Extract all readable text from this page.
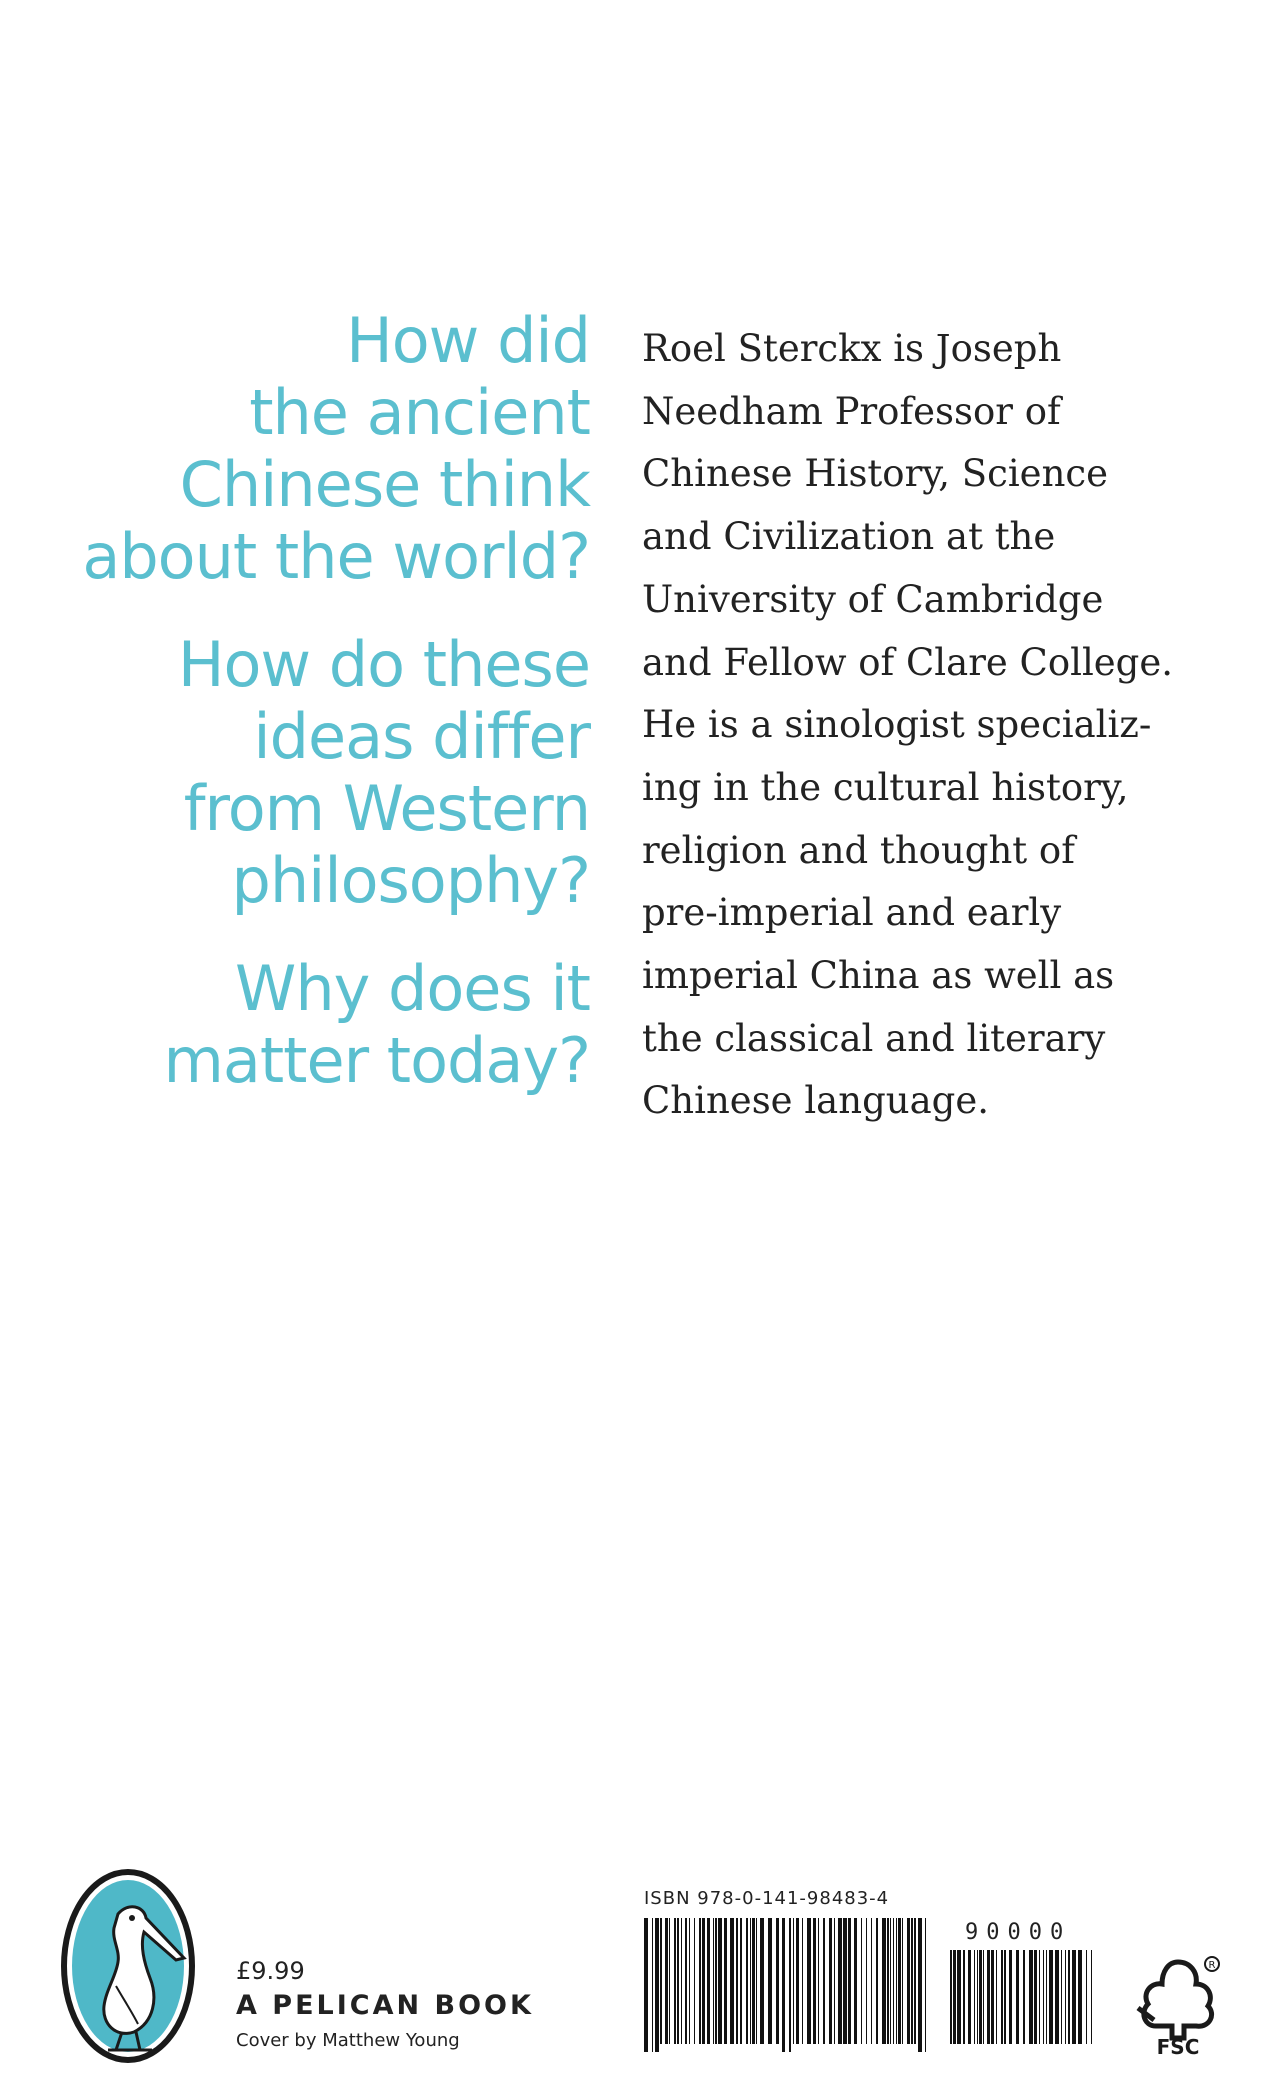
How did
the ancient
Chinese think
about the world?

How do these
ideas differ
from Western
philosophy?

Why does it
matter today?

Roel Sterckx is Joseph
Needham Professor of
Chinese History, Science
and Civilization at the
University of Cambridge
and Fellow of Clare College.
He is a sinologist specializ-
ing in the cultural history,
religion and thought of
pre-imperial and early
imperial China as well as
the classical and literary
Chinese language.
£9.99
A PELICAN BOOK
Cover by Matthew Young
ISBN 978-0-141-98483-4
90000
R
FSC
